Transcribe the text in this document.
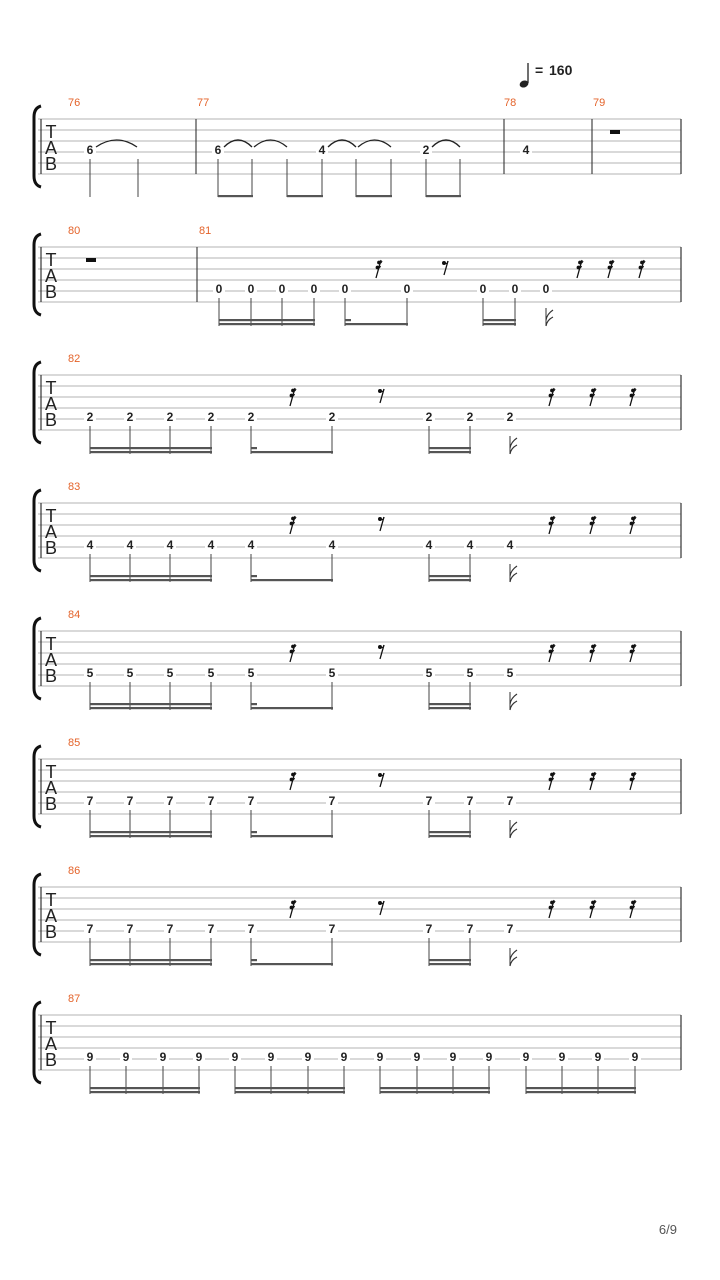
= 160
T
A
B
76	77	78	79
6	6	4	2	4
T
A
B
80	81
0 0 0 0 0	0	0 0 0
T
A
B
82
2	2	2	2	2	2	2	2	2
T
A
B
83
4	4	4	4	4	4	4	4	4
T
A
B
84
5	5	5	5	5	5	5	5	5
T
A
B
85
7	7	7	7	7	7	7	7	7
T
A
B
86
7	7	7	7	7	7	7	7	7
T
A
B
87
9 9	9 9 9 9	9 9 9	9 9 9	9 9 9	9
6/9
